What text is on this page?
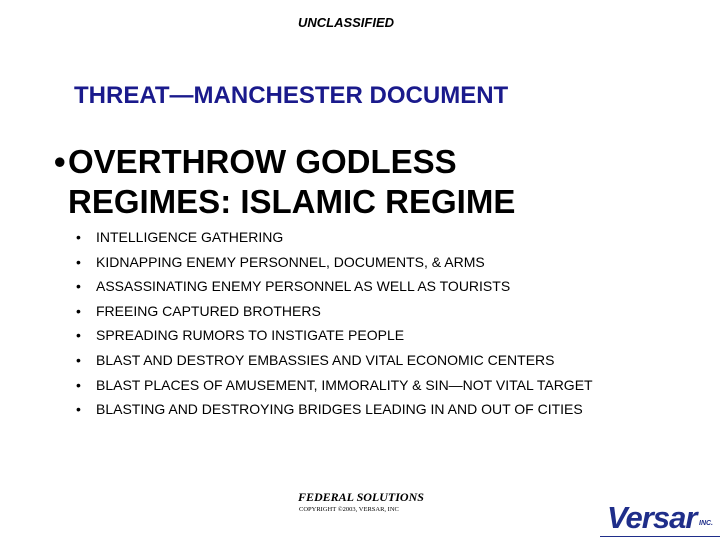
UNCLASSIFIED
THREAT—MANCHESTER DOCUMENT
• OVERTHROW GODLESS REGIMES: ISLAMIC REGIME
• INTELLIGENCE GATHERING
• KIDNAPPING ENEMY PERSONNEL, DOCUMENTS, & ARMS
• ASSASSINATING ENEMY PERSONNEL AS WELL AS TOURISTS
• FREEING CAPTURED BROTHERS
• SPREADING RUMORS TO INSTIGATE PEOPLE
• BLAST AND DESTROY EMBASSIES AND VITAL ECONOMIC CENTERS
• BLAST PLACES OF AMUSEMENT, IMMORALITY & SIN—NOT VITAL TARGET
• BLASTING AND DESTROYING BRIDGES LEADING IN AND OUT OF CITIES
FEDERAL SOLUTIONS
COPYRIGHT ©2003, VERSAR, INC	Versar INC.
